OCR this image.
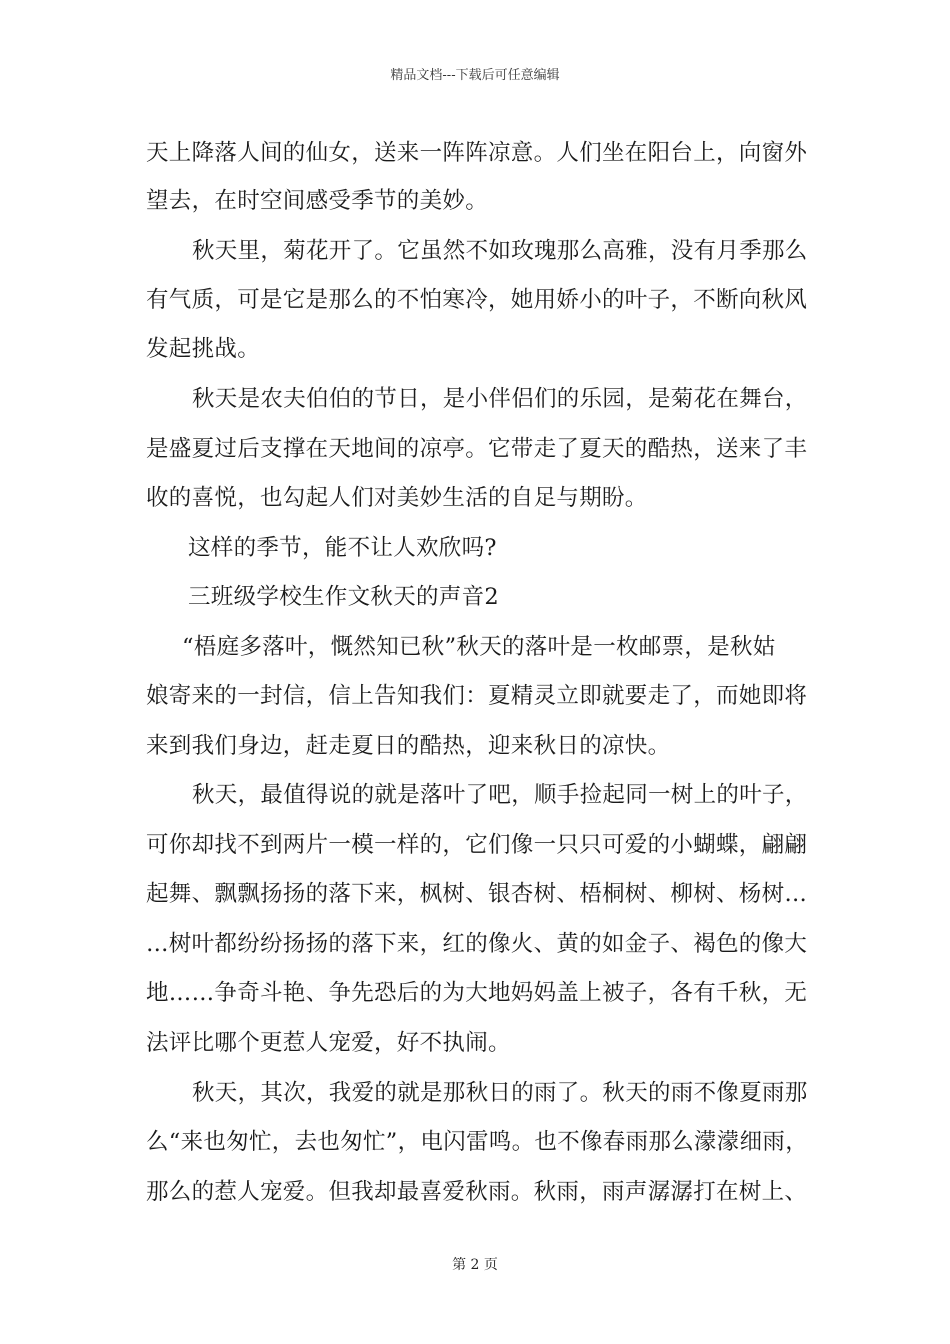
精品文档---下载后可任意编辑
天上降落人间的仙女，送来一阵阵凉意。人们坐在阳台上，向窗外
望去，在时空间感受季节的美妙。
秋天里，菊花开了。它虽然不如玫瑰那么高雅，没有月季那么
有气质，可是它是那么的不怕寒冷，她用娇小的叶子，不断向秋风
发起挑战。
秋天是农夫伯伯的节日，是小伴侣们的乐园，是菊花在舞台，
是盛夏过后支撑在天地间的凉亭。它带走了夏天的酷热，送来了丰
收的喜悦，也勾起人们对美妙生活的自足与期盼。
这样的季节，能不让人欢欣吗?
三班级学校生作文秋天的声音2
“梧庭多落叶，慨然知已秋”秋天的落叶是一枚邮票，是秋姑
娘寄来的一封信，信上告知我们：夏精灵立即就要走了，而她即将
来到我们身边，赶走夏日的酷热，迎来秋日的凉快。
秋天，最值得说的就是落叶了吧，顺手捡起同一树上的叶子，
可你却找不到两片一模一样的，它们像一只只可爱的小蝴蝶，翩翩
起舞、飘飘扬扬的落下来，枫树、银杏树、梧桐树、柳树、杨树…
…树叶都纷纷扬扬的落下来，红的像火、黄的如金子、褐色的像大
地……争奇斗艳、争先恐后的为大地妈妈盖上被子，各有千秋，无
法评比哪个更惹人宠爱，好不执闹。
秋天，其次，我爱的就是那秋日的雨了。秋天的雨不像夏雨那
么“来也匆忙，去也匆忙”，电闪雷鸣。也不像春雨那么濛濛细雨，
那么的惹人宠爱。但我却最喜爱秋雨。秋雨，雨声潺潺打在树上、
第 2 页
